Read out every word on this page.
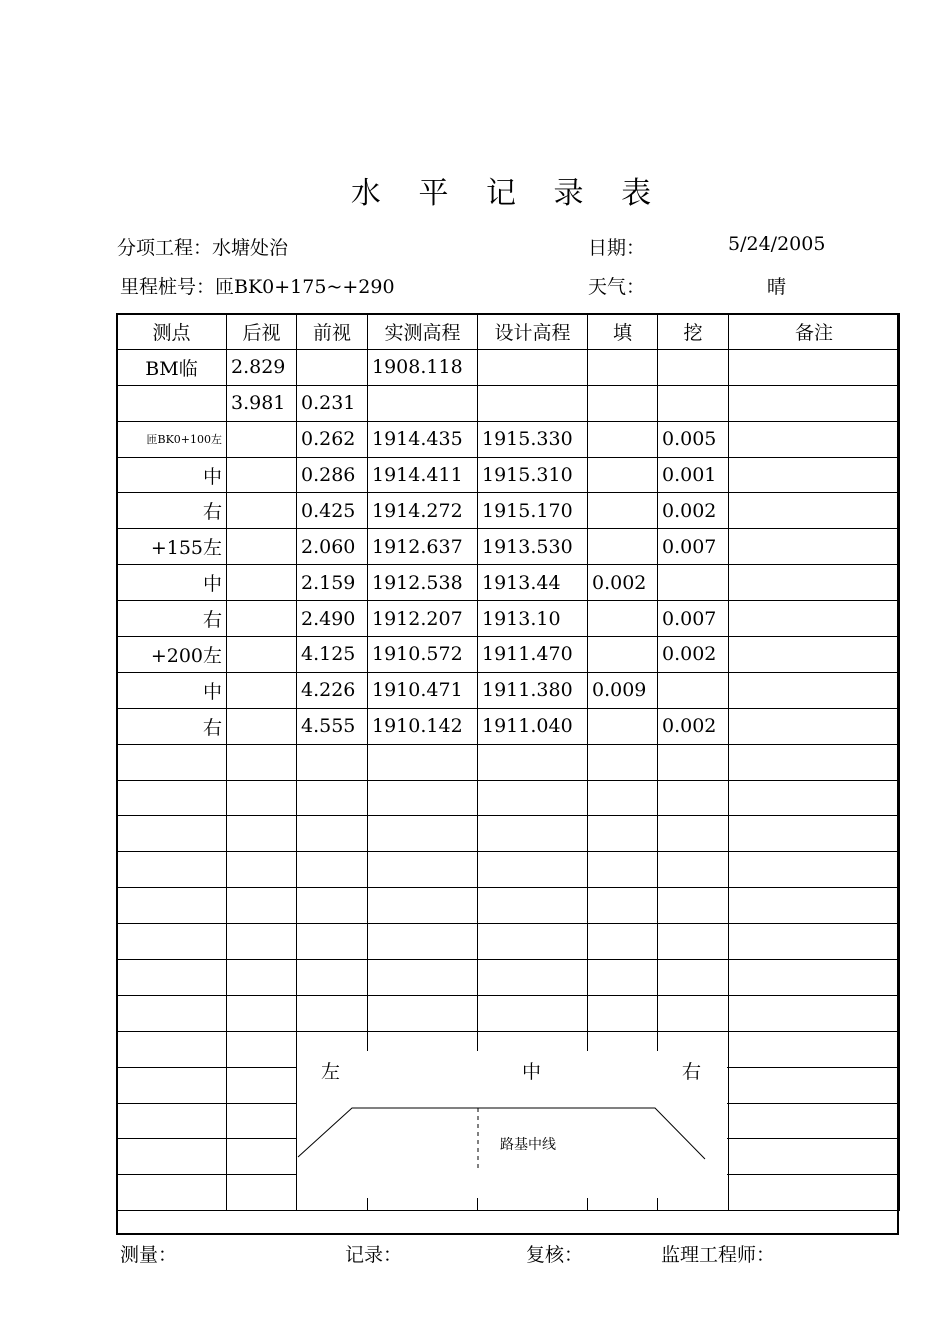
水 平 记 录 表
分项工程：水塘处治
里程桩号：匝BK0+175~+290
日期：	5/24/2005
天气：	晴
测点	后视	前视	实测高程	设计高程	填	挖	备注
BM临	2.829		1908.118				
	3.981	0.231					
匝BK0+100左		0.262	1914.435	1915.330		0.005	
中		0.286	1914.411	1915.310		0.001	
右		0.425	1914.272	1915.170		0.002	
+155左		2.060	1912.637	1913.530		0.007	
中		2.159	1912.538	1913.44	0.002		
右		2.490	1912.207	1913.10		0.007	
+200左		4.125	1910.572	1911.470		0.002	
中		4.226	1910.471	1911.380	0.009		
右		4.555	1910.142	1911.040		0.002	

左	中	右
路基中线
测量：	记录：	复核：	监理工程师：
